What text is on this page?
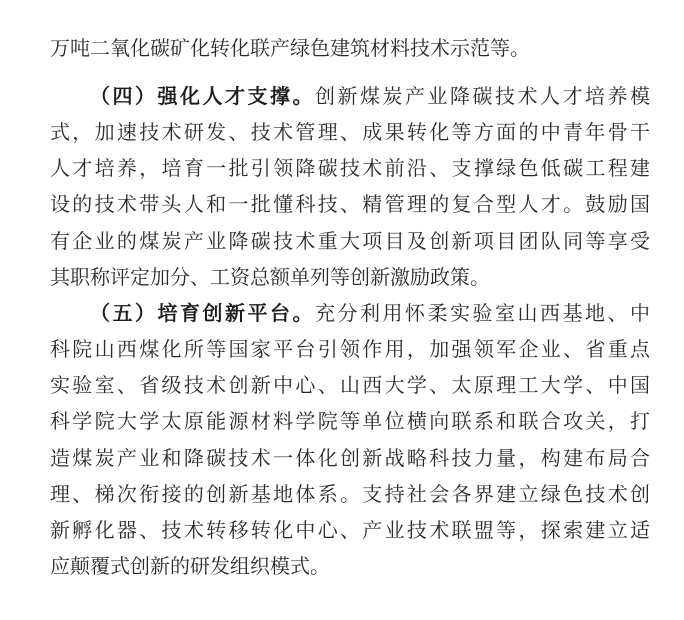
万吨二氧化碳矿化转化联产绿色建筑材料技术示范等。
（四）强化人才支撑。创新煤炭产业降碳技术人才培养模
式，加速技术研发、技术管理、成果转化等方面的中青年骨干
人才培养，培育一批引领降碳技术前沿、支撑绿色低碳工程建
设的技术带头人和一批懂科技、精管理的复合型人才。鼓励国
有企业的煤炭产业降碳技术重大项目及创新项目团队同等享受
其职称评定加分、工资总额单列等创新激励政策。
（五）培育创新平台。充分利用怀柔实验室山西基地、中
科院山西煤化所等国家平台引领作用，加强领军企业、省重点
实验室、省级技术创新中心、山西大学、太原理工大学、中国
科学院大学太原能源材料学院等单位横向联系和联合攻关，打
造煤炭产业和降碳技术一体化创新战略科技力量，构建布局合
理、梯次衔接的创新基地体系。支持社会各界建立绿色技术创
新孵化器、技术转移转化中心、产业技术联盟等，探索建立适
应颠覆式创新的研发组织模式。
